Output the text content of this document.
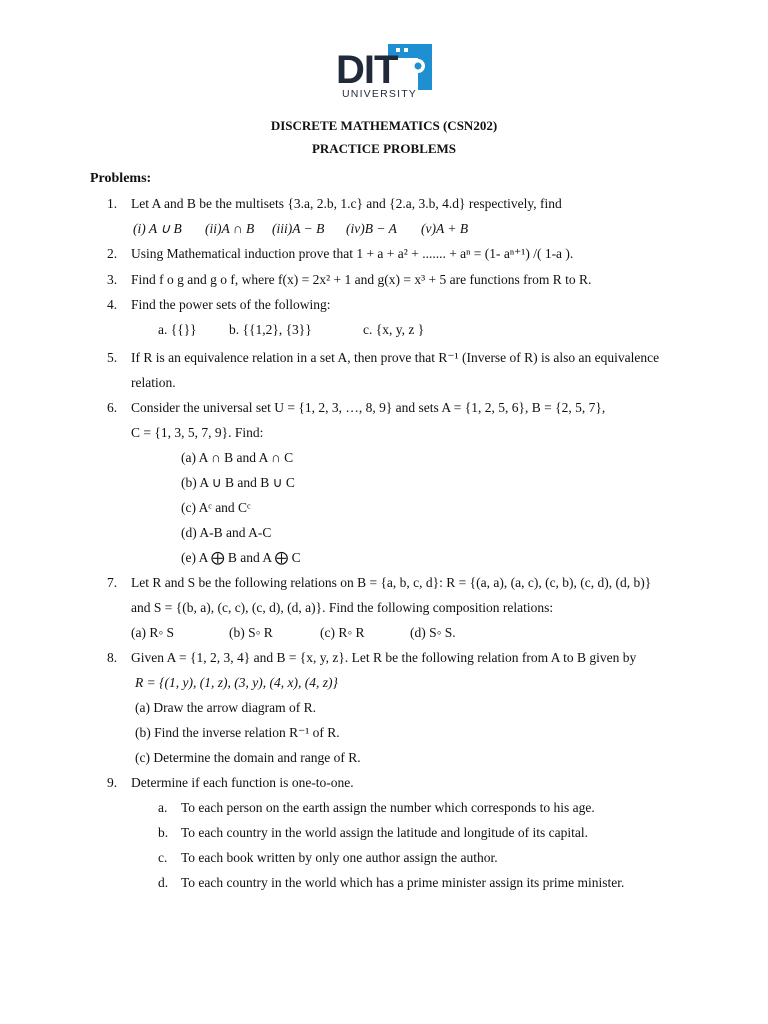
DIT
UNIVERSITY
DISCRETE MATHEMATICS (CSN202)
PRACTICE PROBLEMS
Problems:
1. Let A and B be the multisets {3.a, 2.b, 1.c} and {2.a, 3.b, 4.d} respectively, find
(i) A ∪ B (ii)A ∩ B (iii)A − B (iv)B − A (v)A + B
2. Using Mathematical induction prove that 1 + a + a² + ....... + aⁿ = (1- aⁿ⁺¹) /( 1-a ).
3. Find f o g and g o f, where f(x) = 2x² + 1 and g(x) = x³ + 5 are functions from R to R.
4. Find the power sets of the following:
a. {{}} b. {{1,2}, {3}}	c. {x, y, z }
5. If R is an equivalence relation in a set A, then prove that R⁻¹ (Inverse of R) is also an equivalence
relation.
6. Consider the universal set U = {1, 2, 3, …, 8, 9} and sets A = {1, 2, 5, 6}, B = {2, 5, 7},
C = {1, 3, 5, 7, 9}. Find:
(a) A ∩ B and A ∩ C
(b) A ∪ B and B ∪ C
(c) Aᶜ and Cᶜ
(d) A-B and A-C
(e) A ⨁ B and A ⨁ C
7. Let R and S be the following relations on B = {a, b, c, d}: R = {(a, a), (a, c), (c, b), (c, d), (d, b)}
and S = {(b, a), (c, c), (c, d), (d, a)}. Find the following composition relations:
(a) R◦ S	(b) S◦ R	(c) R◦ R	(d) S◦ S.
8. Given A = {1, 2, 3, 4} and B = {x, y, z}. Let R be the following relation from A to B given by
R = {(1, y), (1, z), (3, y), (4, x), (4, z)}
(a) Draw the arrow diagram of R.
(b) Find the inverse relation R⁻¹ of R.
(c) Determine the domain and range of R.
9. Determine if each function is one-to-one.
a. To each person on the earth assign the number which corresponds to his age.
b. To each country in the world assign the latitude and longitude of its capital.
c. To each book written by only one author assign the author.
d. To each country in the world which has a prime minister assign its prime minister.
